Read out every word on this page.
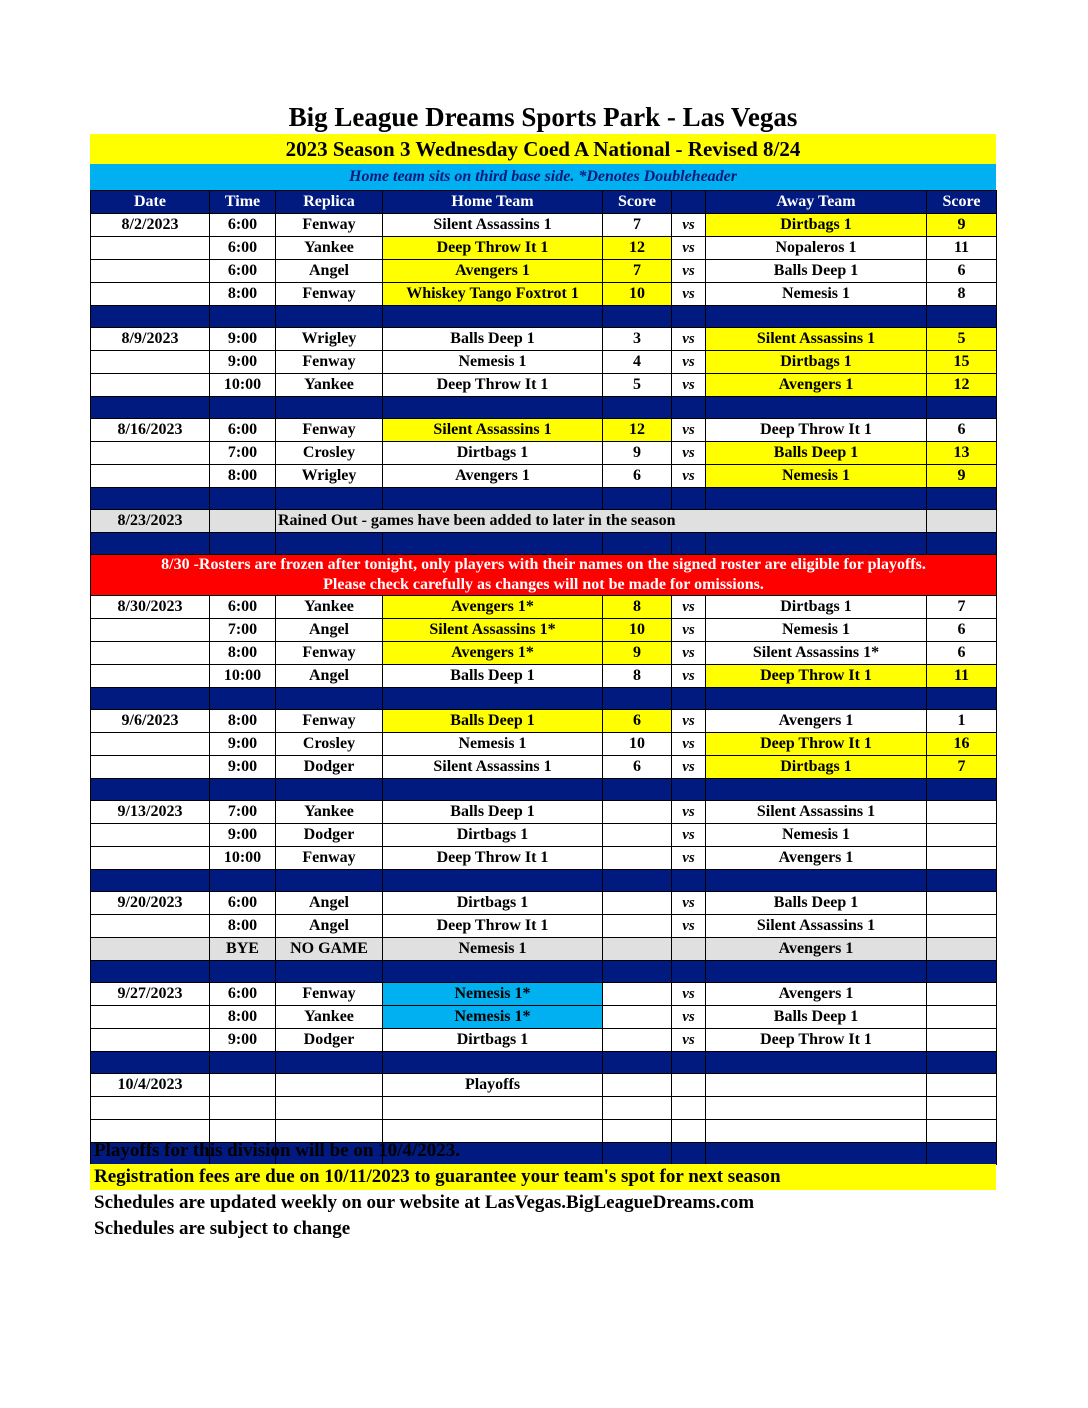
Big League Dreams Sports Park - Las Vegas
2023 Season 3 Wednesday Coed A National - Revised 8/24
Home team sits on third base side. *Denotes Doubleheader
Date	Time	Replica	Home Team	Score		Away Team	Score
8/2/2023	6:00	Fenway	Silent Assassins 1	7	vs	Dirtbags 1	9
	6:00	Yankee	Deep Throw It 1	12	vs	Nopaleros 1	11
	6:00	Angel	Avengers 1	7	vs	Balls Deep 1	6
	8:00	Fenway	Whiskey Tango Foxtrot 1	10	vs	Nemesis 1	8

8/9/2023	9:00	Wrigley	Balls Deep 1	3	vs	Silent Assassins 1	5
	9:00	Fenway	Nemesis 1	4	vs	Dirtbags 1	15
	10:00	Yankee	Deep Throw It 1	5	vs	Avengers 1	12

8/16/2023	6:00	Fenway	Silent Assassins 1	12	vs	Deep Throw It 1	6
	7:00	Crosley	Dirtbags 1	9	vs	Balls Deep 1	13
	8:00	Wrigley	Avengers 1	6	vs	Nemesis 1	9

8/23/2023		Rained Out - games have been added to later in the season					

8/30 -Rosters are frozen after tonight, only players with their names on the signed roster are eligible for playoffs.
Please check carefully as changes will not be made for omissions.							

8/30/2023	6:00	Yankee	Avengers 1*	8	vs	Dirtbags 1	7
	7:00	Angel	Silent Assassins 1*	10	vs	Nemesis 1	6
	8:00	Fenway	Avengers 1*	9	vs	Silent Assassins 1*	6
	10:00	Angel	Balls Deep 1	8	vs	Deep Throw It 1	11

9/6/2023	8:00	Fenway	Balls Deep 1	6	vs	Avengers 1	1
	9:00	Crosley	Nemesis 1	10	vs	Deep Throw It 1	16
	9:00	Dodger	Silent Assassins 1	6	vs	Dirtbags 1	7

9/13/2023	7:00	Yankee	Balls Deep 1		vs	Silent Assassins 1	
	9:00	Dodger	Dirtbags 1		vs	Nemesis 1	
	10:00	Fenway	Deep Throw It 1		vs	Avengers 1	

9/20/2023	6:00	Angel	Dirtbags 1		vs	Balls Deep 1	
	8:00	Angel	Deep Throw It 1		vs	Silent Assassins 1	
	BYE	NO GAME	Nemesis 1			Avengers 1	

9/27/2023	6:00	Fenway	Nemesis 1*		vs	Avengers 1	
	8:00	Yankee	Nemesis 1*		vs	Balls Deep 1	
	9:00	Dodger	Dirtbags 1		vs	Deep Throw It 1	

10/4/2023			Playoffs				

Playoffs for this division will be on 10/4/2023.
Registration fees are due on 10/11/2023 to guarantee your team's spot for next season
Schedules are updated weekly on our website at LasVegas.BigLeagueDreams.com
Schedules are subject to change
